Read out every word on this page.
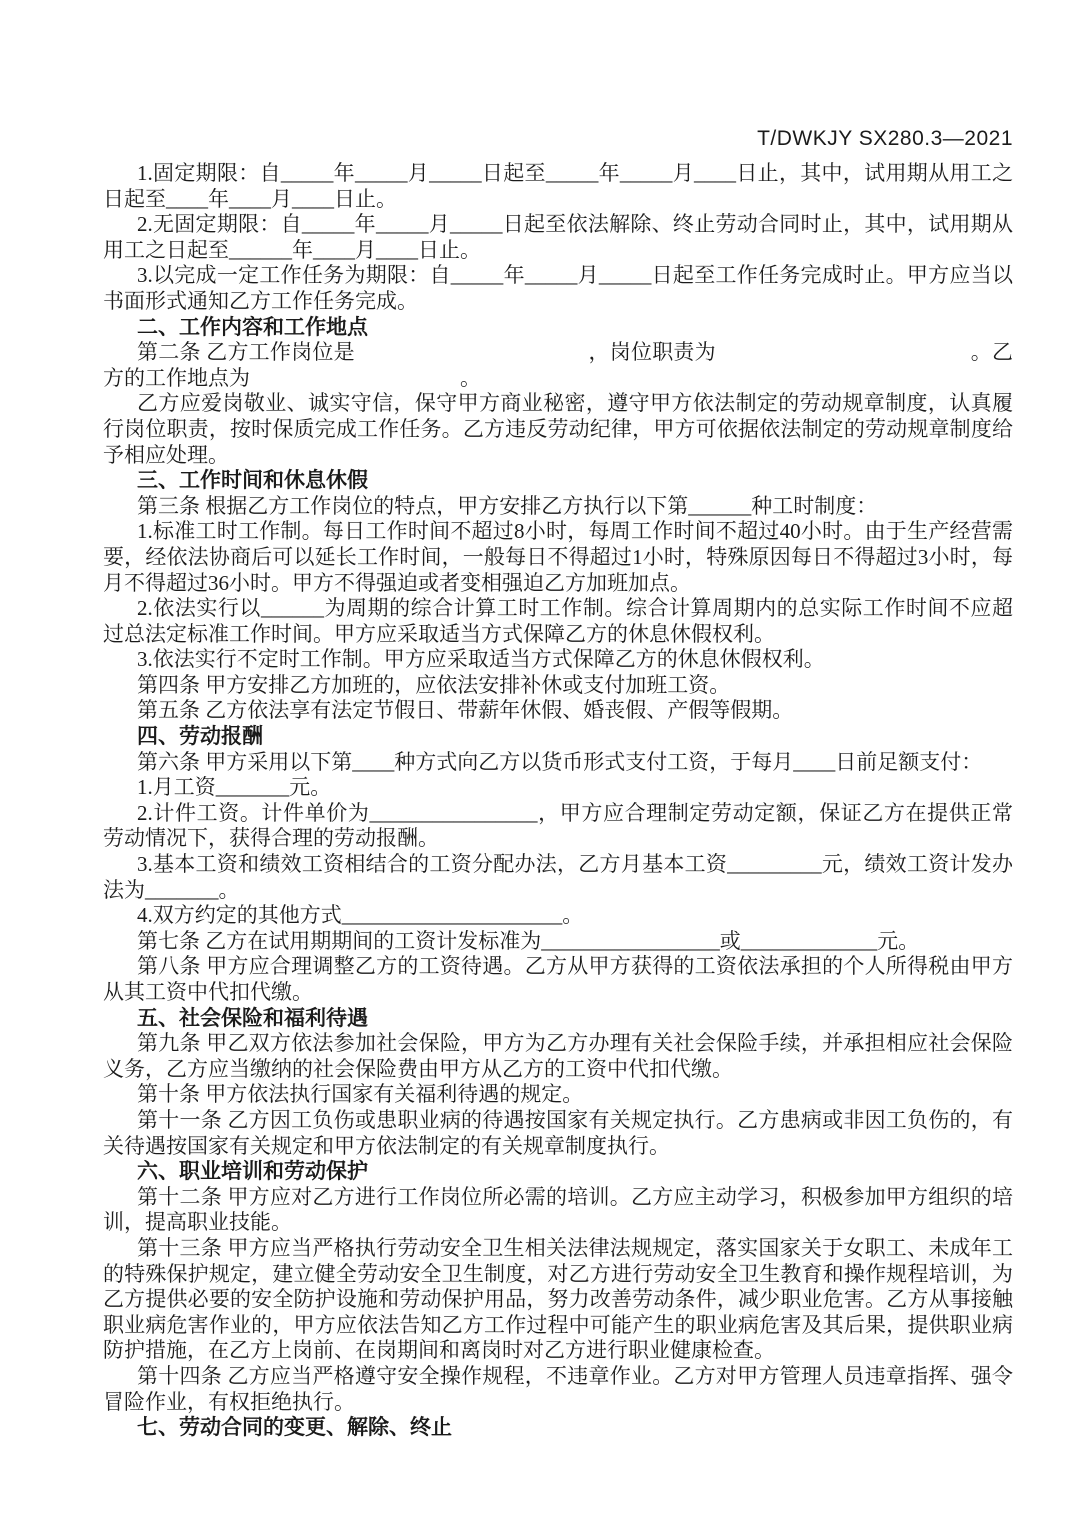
T/DWKJY SX280.3—2021

1.固定期限：自_____年_____月_____日起至_____年_____月____日止，其中，试用期从用工之日起至____年____月____日止。

2.无固定期限：自_____年_____月_____日起至依法解除、终止劳动合同时止，其中，试用期从用工之日起至______年____月____日止。

3.以完成一定工作任务为期限：自_____年_____月_____日起至工作任务完成时止。甲方应当以书面形式通知乙方工作任务完成。

二、工作内容和工作地点

第二条 乙方工作岗位是　　　　　　　　　　　，岗位职责为　　　　　　　　　　　　。乙方的工作地点为　　　　　　　　　　。

乙方应爱岗敬业、诚实守信，保守甲方商业秘密，遵守甲方依法制定的劳动规章制度，认真履行岗位职责，按时保质完成工作任务。乙方违反劳动纪律，甲方可依据依法制定的劳动规章制度给予相应处理。

三、工作时间和休息休假

第三条 根据乙方工作岗位的特点，甲方安排乙方执行以下第______种工时制度：

1.标准工时工作制。每日工作时间不超过8小时，每周工作时间不超过40小时。由于生产经营需要，经依法协商后可以延长工作时间，一般每日不得超过1小时，特殊原因每日不得超过3小时，每月不得超过36小时。甲方不得强迫或者变相强迫乙方加班加点。

2.依法实行以______为周期的综合计算工时工作制。综合计算周期内的总实际工作时间不应超过总法定标准工作时间。甲方应采取适当方式保障乙方的休息休假权利。

3.依法实行不定时工作制。甲方应采取适当方式保障乙方的休息休假权利。

第四条 甲方安排乙方加班的，应依法安排补休或支付加班工资。

第五条 乙方依法享有法定节假日、带薪年休假、婚丧假、产假等假期。

四、劳动报酬

第六条 甲方采用以下第____种方式向乙方以货币形式支付工资，于每月____日前足额支付：

1.月工资_______元。

2.计件工资。计件单价为________________，甲方应合理制定劳动定额，保证乙方在提供正常劳动情况下，获得合理的劳动报酬。

3.基本工资和绩效工资相结合的工资分配办法，乙方月基本工资_________元，绩效工资计发办法为_______。

4.双方约定的其他方式_____________________。

第七条 乙方在试用期期间的工资计发标准为_________________或_____________元。

第八条 甲方应合理调整乙方的工资待遇。乙方从甲方获得的工资依法承担的个人所得税由甲方从其工资中代扣代缴。

五、社会保险和福利待遇

第九条 甲乙双方依法参加社会保险，甲方为乙方办理有关社会保险手续，并承担相应社会保险义务，乙方应当缴纳的社会保险费由甲方从乙方的工资中代扣代缴。

第十条 甲方依法执行国家有关福利待遇的规定。

第十一条 乙方因工负伤或患职业病的待遇按国家有关规定执行。乙方患病或非因工负伤的，有关待遇按国家有关规定和甲方依法制定的有关规章制度执行。

六、职业培训和劳动保护

第十二条 甲方应对乙方进行工作岗位所必需的培训。乙方应主动学习，积极参加甲方组织的培训，提高职业技能。

第十三条 甲方应当严格执行劳动安全卫生相关法律法规规定，落实国家关于女职工、未成年工的特殊保护规定，建立健全劳动安全卫生制度，对乙方进行劳动安全卫生教育和操作规程培训，为乙方提供必要的安全防护设施和劳动保护用品，努力改善劳动条件，减少职业危害。乙方从事接触职业病危害作业的，甲方应依法告知乙方工作过程中可能产生的职业病危害及其后果，提供职业病防护措施，在乙方上岗前、在岗期间和离岗时对乙方进行职业健康检查。

第十四条 乙方应当严格遵守安全操作规程，不违章作业。乙方对甲方管理人员违章指挥、强令冒险作业，有权拒绝执行。

七、劳动合同的变更、解除、终止
